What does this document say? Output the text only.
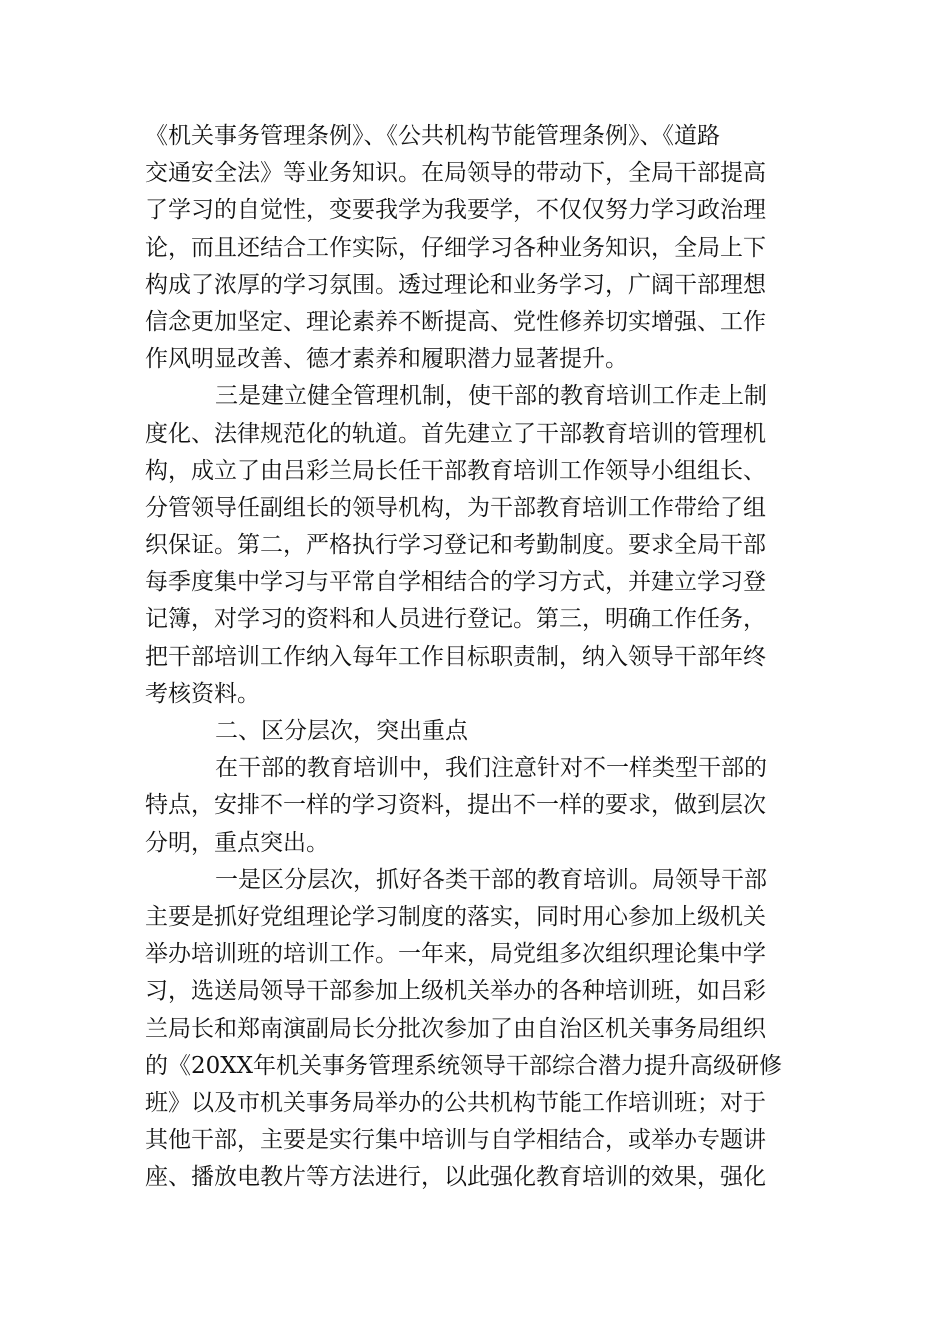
《机关事务管理条例》、《公共机构节能管理条例》、《道路
交通安全法》等业务知识。在局领导的带动下，全局干部提高
了学习的自觉性，变要我学为我要学，不仅仅努力学习政治理
论，而且还结合工作实际，仔细学习各种业务知识，全局上下
构成了浓厚的学习氛围。透过理论和业务学习，广阔干部理想
信念更加坚定、理论素养不断提高、党性修养切实增强、工作
作风明显改善、德才素养和履职潜力显著提升。
三是建立健全管理机制，使干部的教育培训工作走上制
度化、法律规范化的轨道。首先建立了干部教育培训的管理机
构，成立了由吕彩兰局长任干部教育培训工作领导小组组长、
分管领导任副组长的领导机构，为干部教育培训工作带给了组
织保证。第二，严格执行学习登记和考勤制度。要求全局干部
每季度集中学习与平常自学相结合的学习方式，并建立学习登
记簿，对学习的资料和人员进行登记。第三，明确工作任务，
把干部培训工作纳入每年工作目标职责制，纳入领导干部年终
考核资料。
二、区分层次，突出重点
在干部的教育培训中，我们注意针对不一样类型干部的
特点，安排不一样的学习资料，提出不一样的要求，做到层次
分明，重点突出。
一是区分层次，抓好各类干部的教育培训。局领导干部
主要是抓好党组理论学习制度的落实，同时用心参加上级机关
举办培训班的培训工作。一年来，局党组多次组织理论集中学
习，选送局领导干部参加上级机关举办的各种培训班，如吕彩
兰局长和郑南演副局长分批次参加了由自治区机关事务局组织
的《20XX年机关事务管理系统领导干部综合潜力提升高级研修
班》以及市机关事务局举办的公共机构节能工作培训班；对于
其他干部，主要是实行集中培训与自学相结合，或举办专题讲
座、播放电教片等方法进行，以此强化教育培训的效果，强化
